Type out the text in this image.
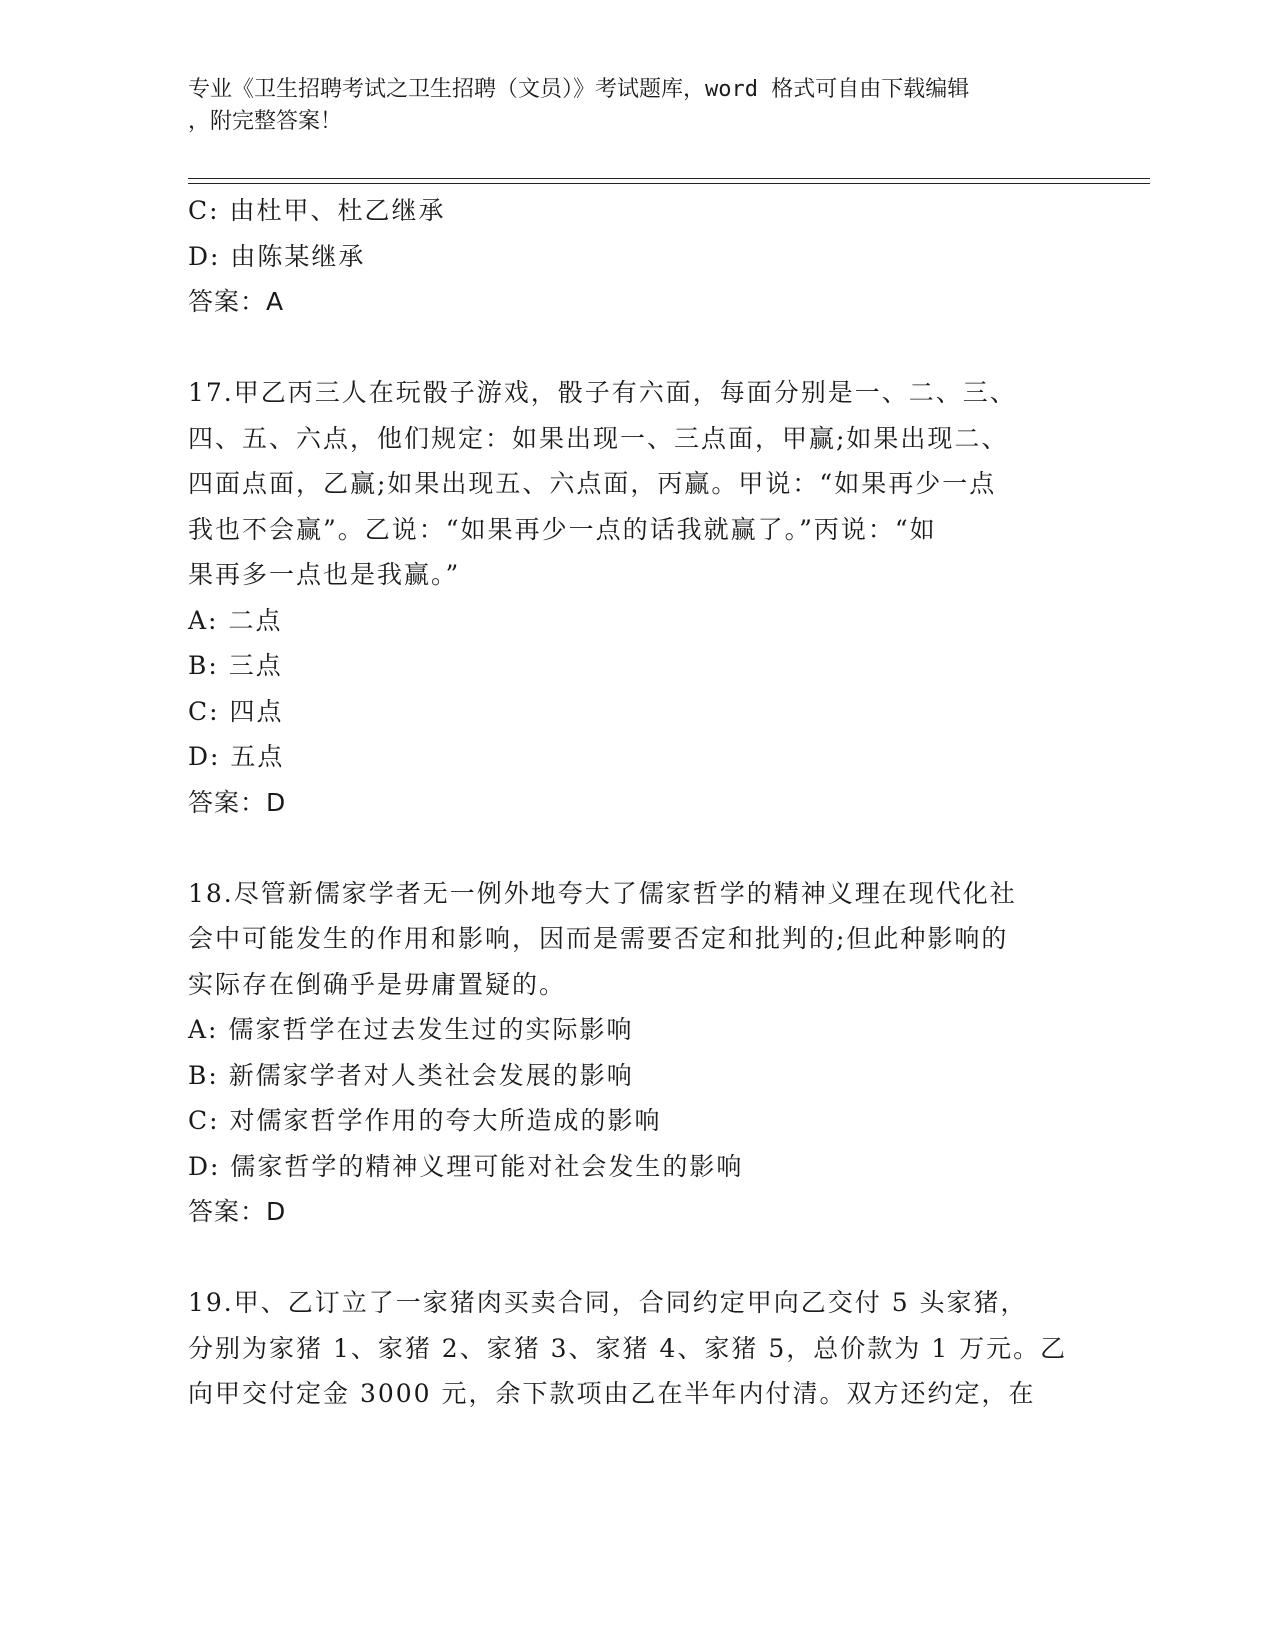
专业《卫生招聘考试之卫生招聘（文员）》考试题库，word 格式可自由下载编辑
，附完整答案！
C: 由杜甲、杜乙继承
D: 由陈某继承
答案：A
17.甲乙丙三人在玩骰子游戏，骰子有六面，每面分别是一、二、三、
四、五、六点，他们规定：如果出现一、三点面，甲赢;如果出现二、
四面点面，乙赢;如果出现五、六点面，丙赢。甲说：“如果再少一点
我也不会赢”。乙说：“如果再少一点的话我就赢了。”丙说：“如
果再多一点也是我赢。”
A: 二点
B: 三点
C: 四点
D: 五点
答案：D
18.尽管新儒家学者无一例外地夸大了儒家哲学的精神义理在现代化社
会中可能发生的作用和影响，因而是需要否定和批判的;但此种影响的
实际存在倒确乎是毋庸置疑的。
A: 儒家哲学在过去发生过的实际影响
B: 新儒家学者对人类社会发展的影响
C: 对儒家哲学作用的夸大所造成的影响
D: 儒家哲学的精神义理可能对社会发生的影响
答案：D
19.甲、乙订立了一家猪肉买卖合同，合同约定甲向乙交付 5 头家猪，
分别为家猪 1、家猪 2、家猪 3、家猪 4、家猪 5，总价款为 1 万元。乙
向甲交付定金 3000 元，余下款项由乙在半年内付清。双方还约定，在
